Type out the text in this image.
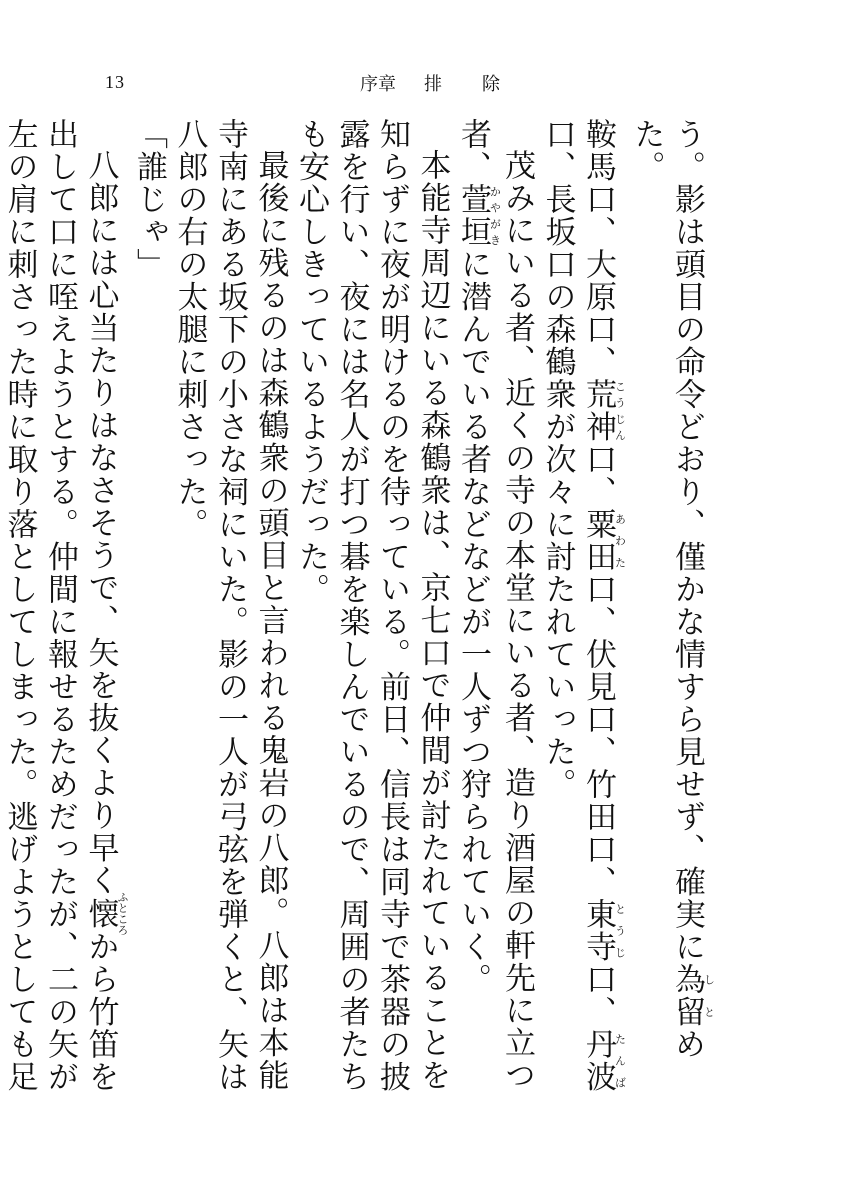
13	序章 排 除

う。影は頭目の命令どおり、僅かな情すら見せず、確実に為留しとめた。

鞍馬口、大原口、荒神こうじん口、粟田あわた口、伏見口、竹田口、東寺とうじ口、丹波たんば口、長坂口の森鶴衆が次々に討たれていった。

茂みにいる者、近くの寺の本堂にいる者、造り酒屋の軒先に立つ者、萱垣かやがきに潜んでいる者などなどが一人ずつ狩られていく。

本能寺周辺にいる森鶴衆は、京七口で仲間が討たれていることを知らずに夜が明けるのを待っている。前日、信長は同寺で茶器の披露を行い、夜には名人が打つ碁を楽しんでいるので、周囲の者たちも安心しきっているようだった。

最後に残るのは森鶴衆の頭目と言われる鬼岩の八郎。八郎は本能寺南にある坂下の小さな祠にいた。影の一人が弓弦を弾くと、矢は八郎の右の太腿に刺さった。

「誰じゃ」

八郎には心当たりはなさそうで、矢を抜くより早く懐ふところから竹笛を出して口に咥えようとする。仲間に報せるためだったが、二の矢が左の肩に刺さった時に取り落としてしまった。逃げようとしても足
